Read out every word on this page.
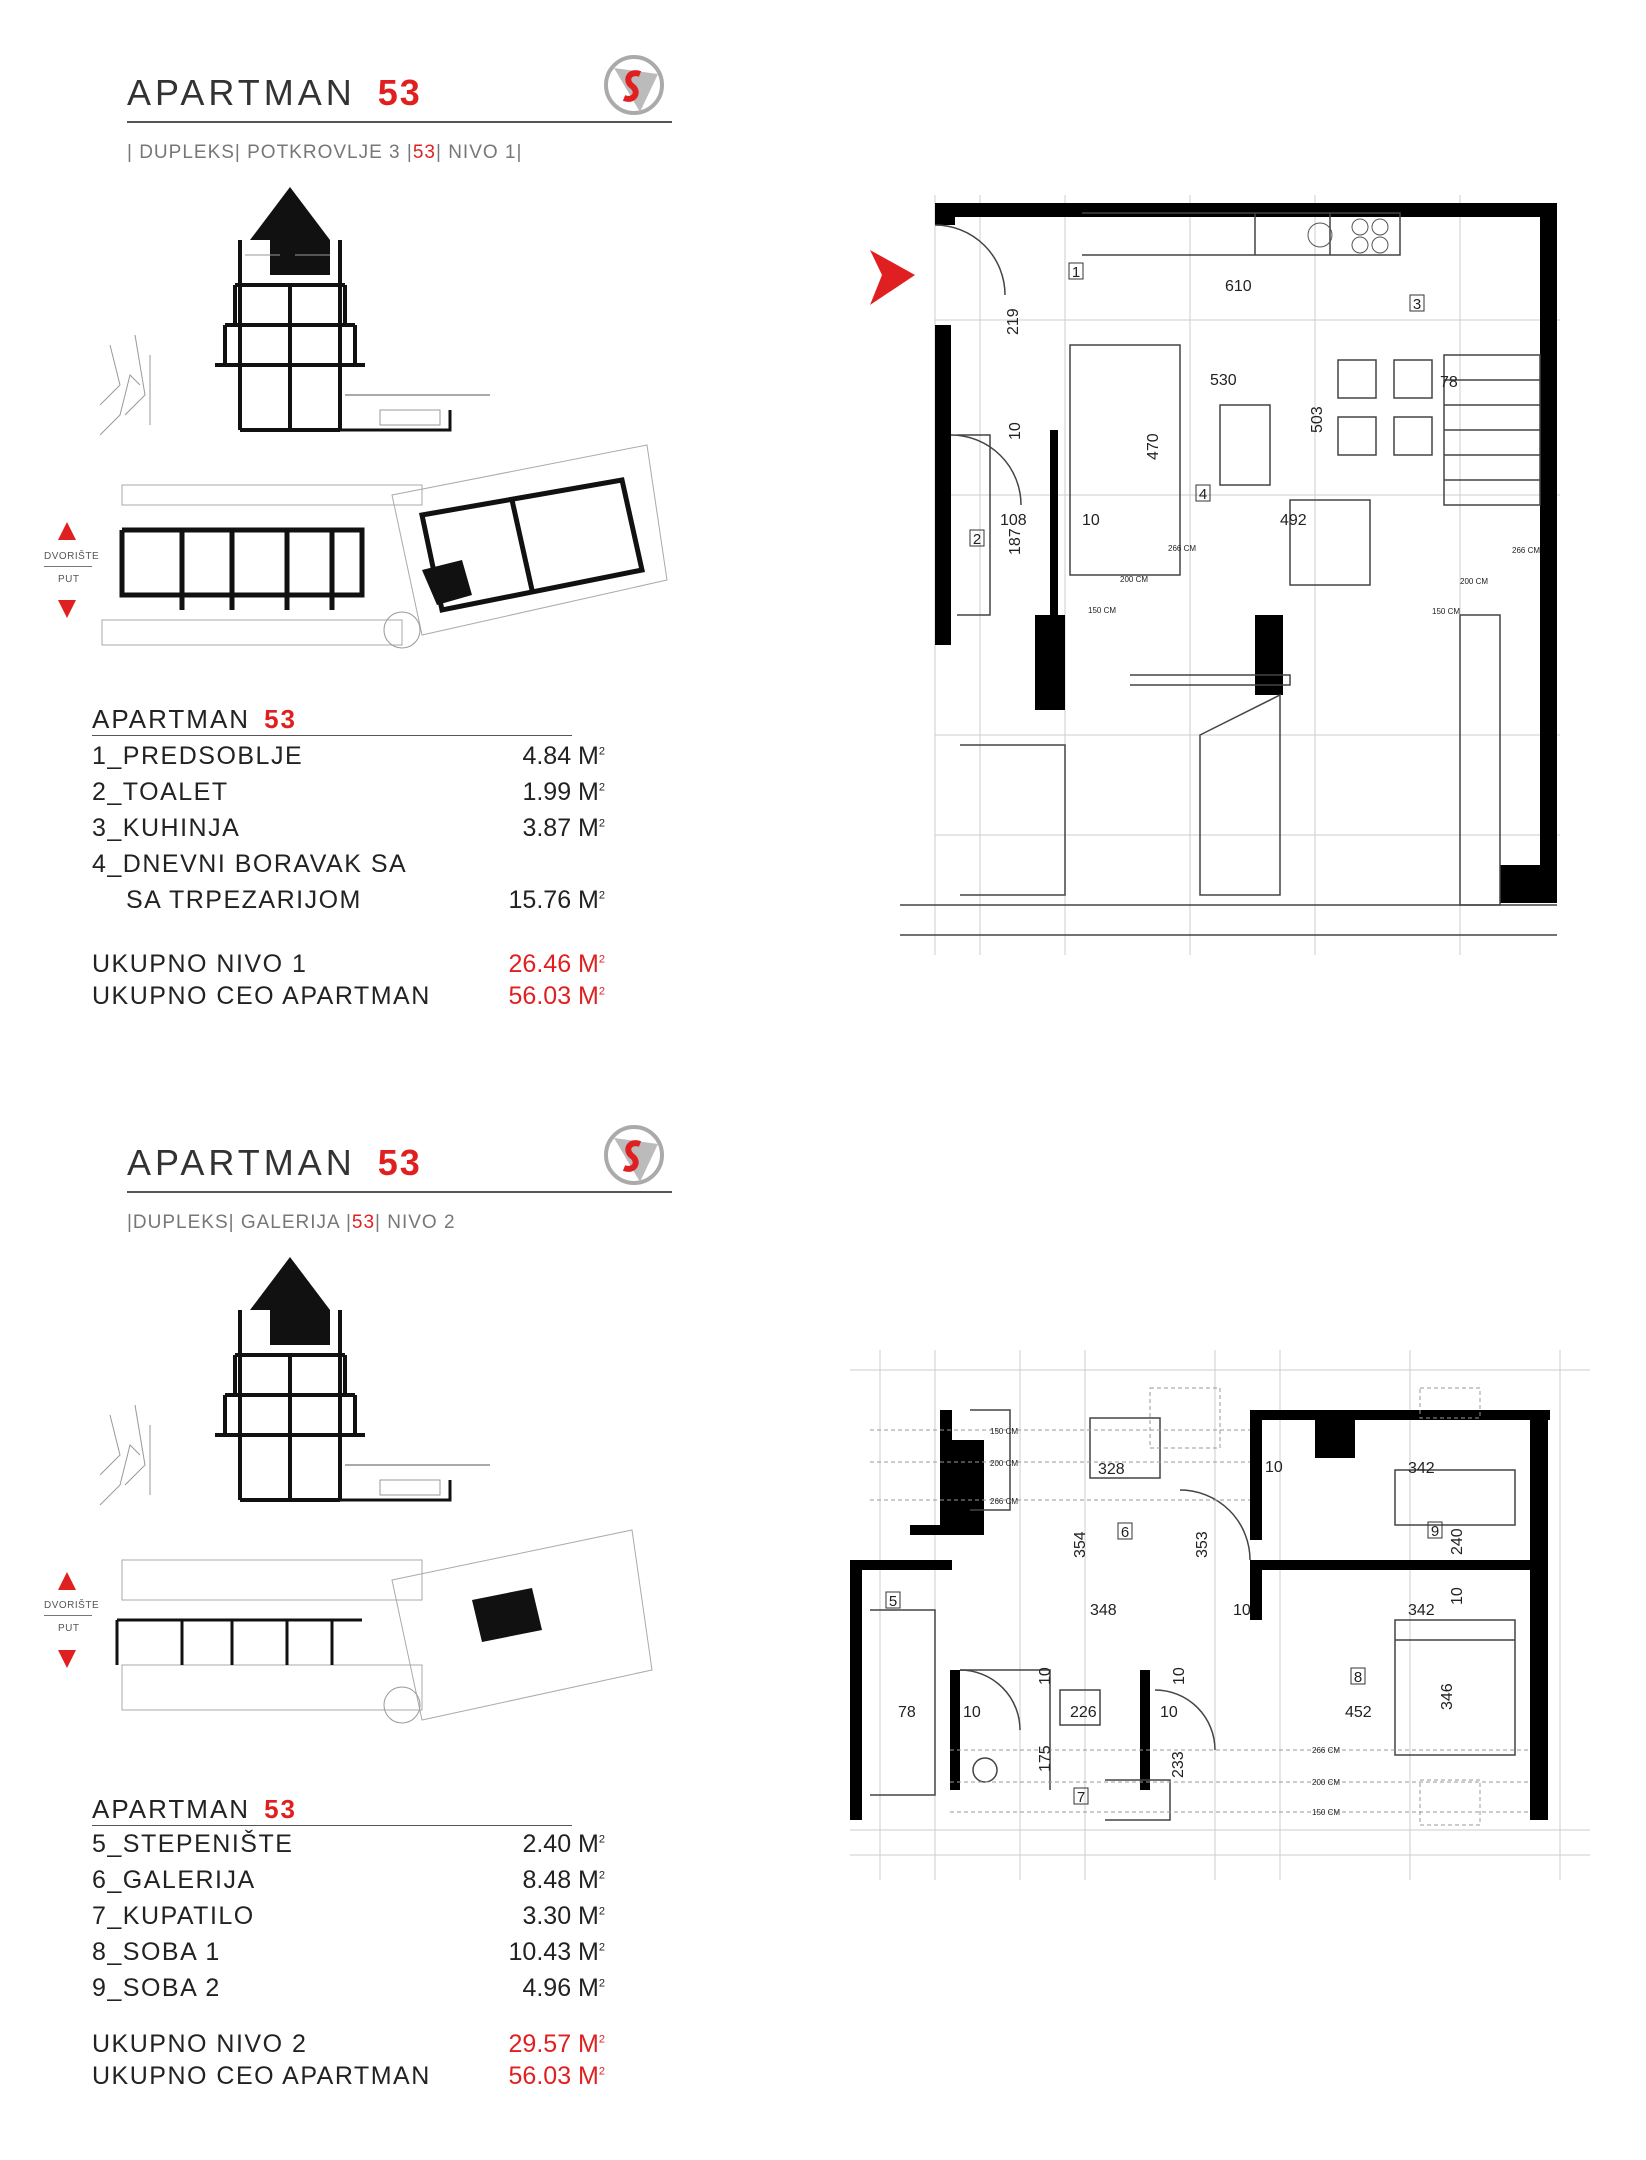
APARTMAN 53
| DUPLEKS| POTKROVLJE 3 |53| NIVO 1|
DVORIŠTE
PUT
APARTMAN 53
1_PREDSOBLJE	4.84 $M^2$
2_TOALET	1.99 $M^2$
3_KUHINJA	3.87 $M^2$
4_DNEVNI BORAVAK SA
SA TRPEZARIJOM	15.76 $M^2$
UKUPNO NIVO 1	26.46 $M^2$
UKUPNO CEO APARTMAN	56.03 $M^2$
1
3
4
2
610
530	78
108	10	492
219
503
470
10
187	266 CM	266 CM
200 CM	200 CM
150 CM	150 CM
APARTMAN 53
|DUPLEKS| GALERIJA |53| NIVO 2
DVORIŠTE
PUT
APARTMAN 53
5_STEPENIŠTE	2.40 $M^2$
6_GALERIJA	8.48 $M^2$
7_KUPATILO	3.30 $M^2$
8_SOBA 1	10.43 $M^2$
9_SOBA 2	4.96 $M^2$
UKUPNO NIVO 2	29.57 $M^2$
UKUPNO CEO APARTMAN	56.03 $M^2$
5
6
7
8
9
328	342
10
348	10	342
78	10	226	10	452
354	353	240
10
346
10
175
10
233
150 CM
200 CM
266 CM
266 CM
200 CM
150 CM
